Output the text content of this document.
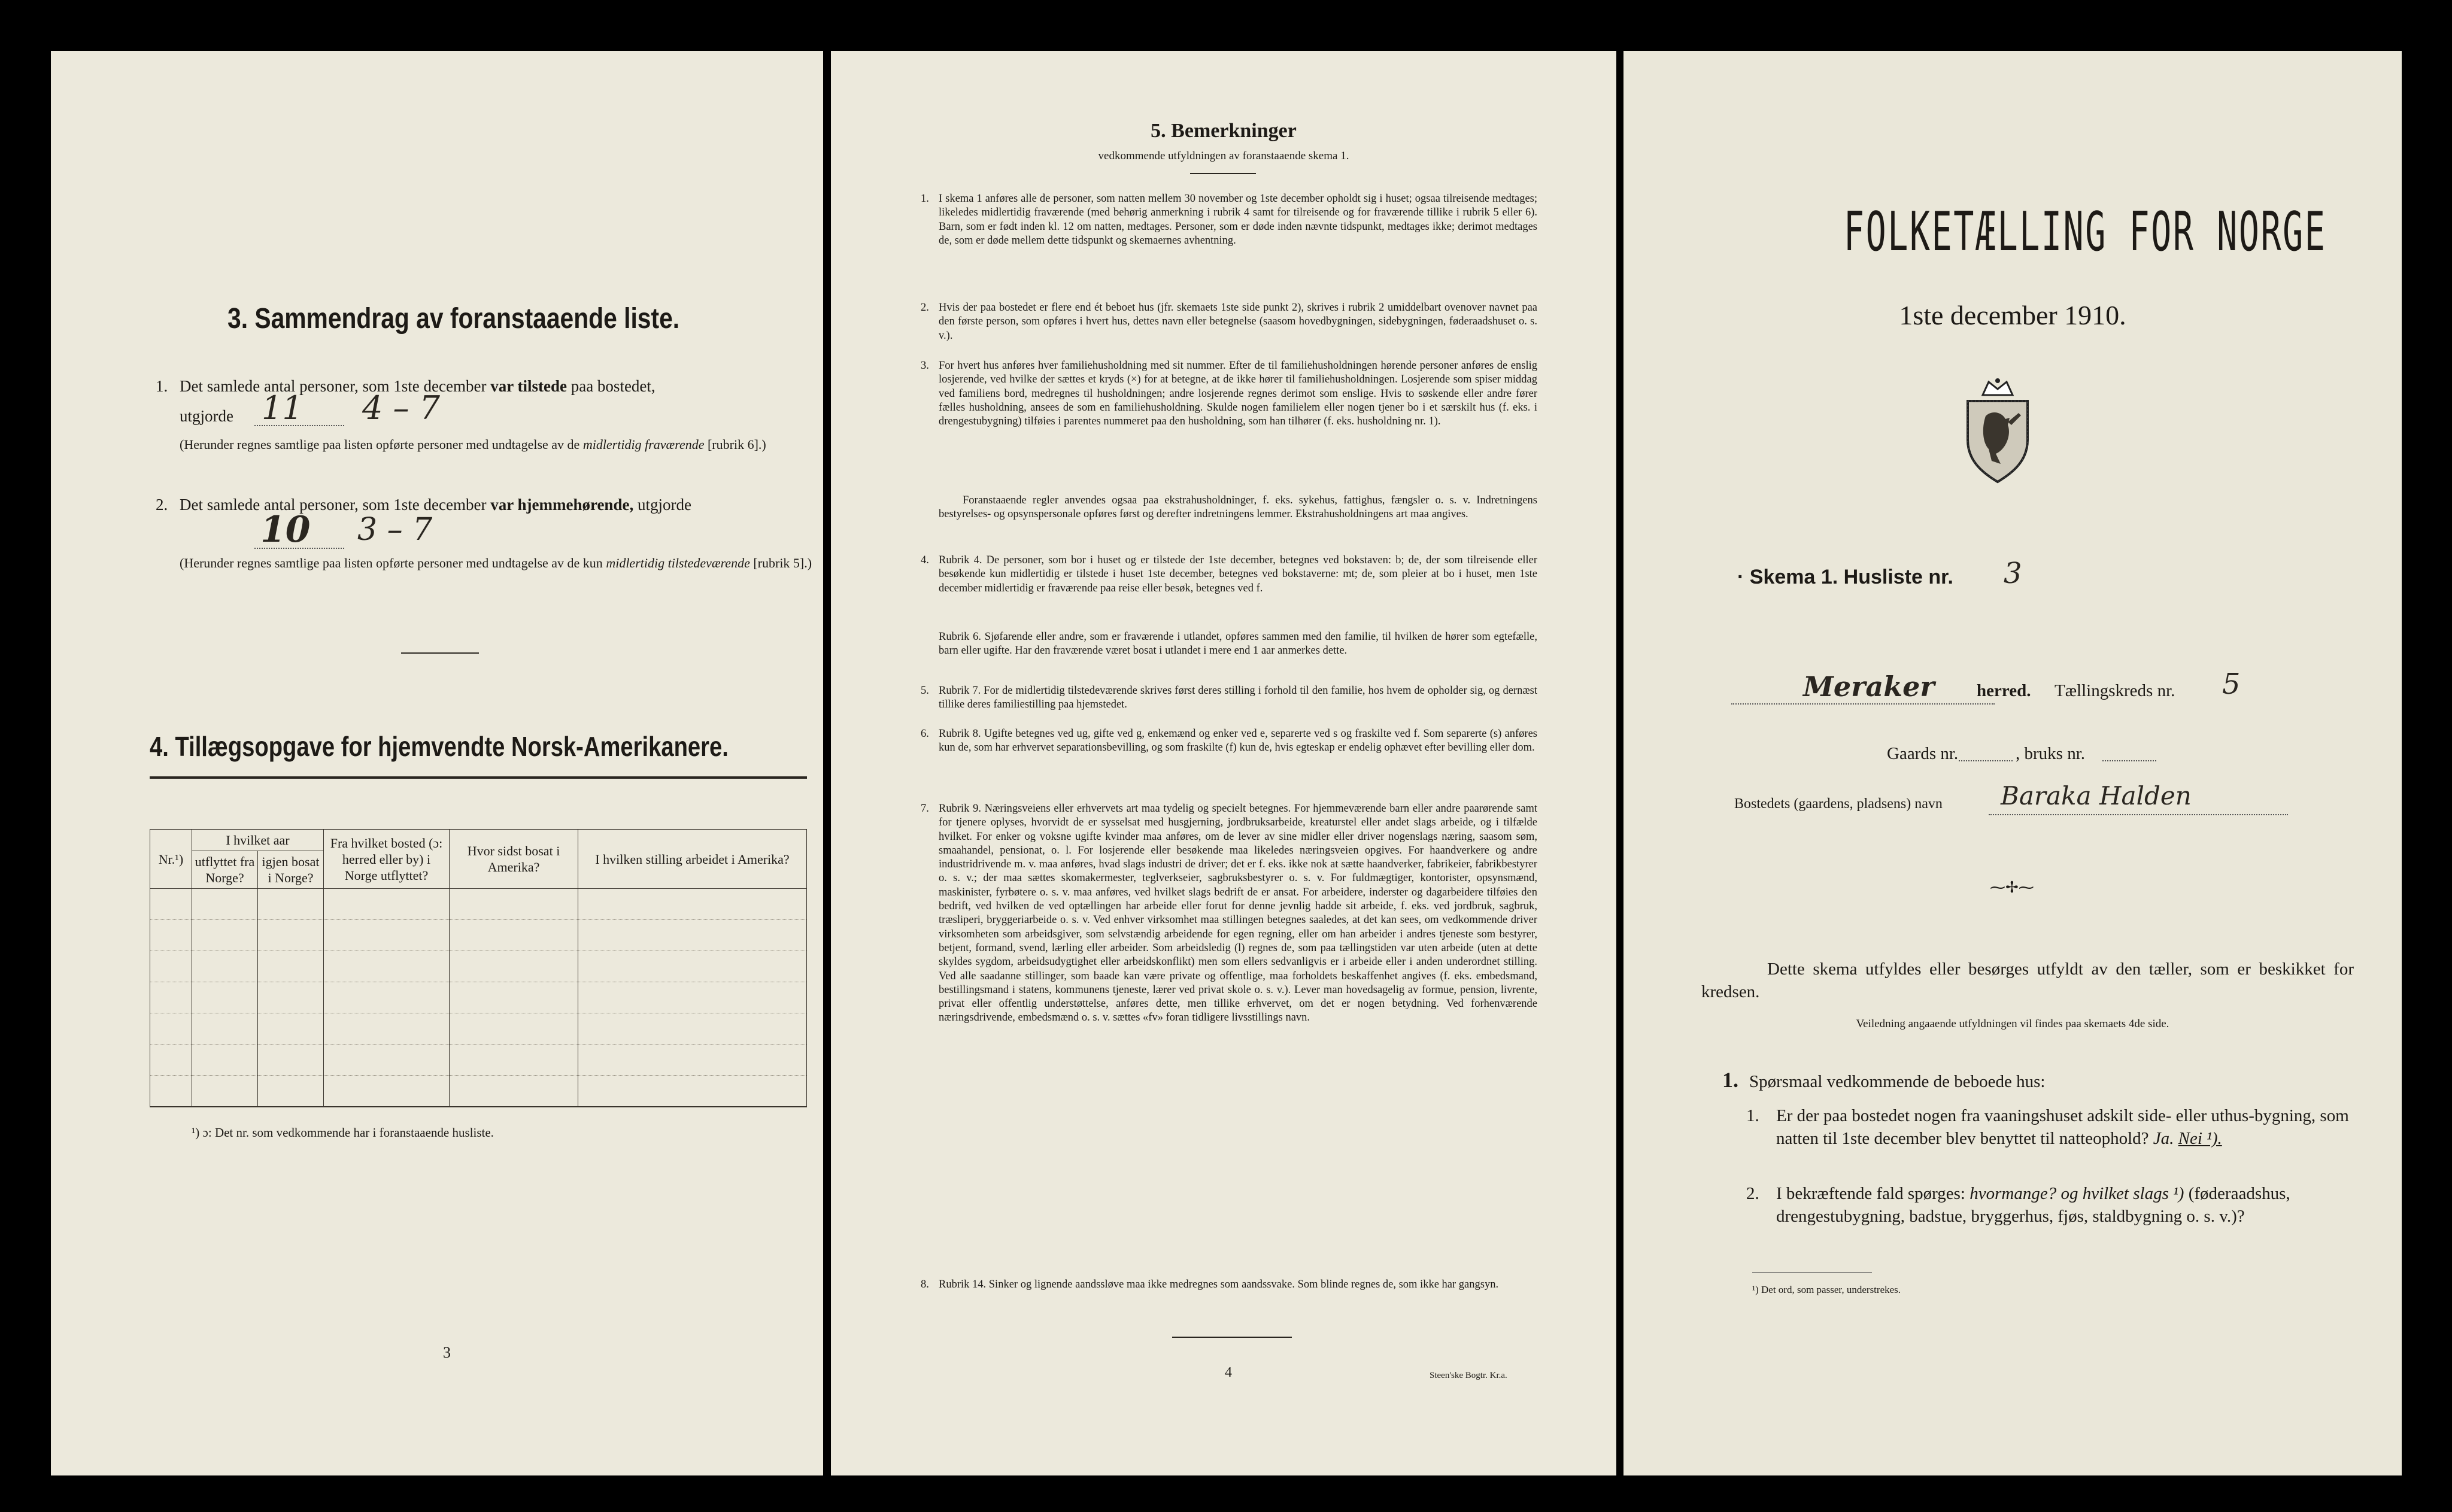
3. Sammendrag av foranstaaende liste.
1. Det samlede antal personer, som 1ste december var tilstede paa bostedet,
utgjorde 11 4 – 7
(Herunder regnes samtlige paa listen opførte personer med undtagelse av de midlertidig fraværende [rubrik 6].)
2. Det samlede antal personer, som 1ste december var hjemmehørende, utgjorde
10 3 – 7
(Herunder regnes samtlige paa listen opførte personer med undtagelse av de kun midlertidig tilstedeværende [rubrik 5].)
4. Tillægsopgave for hjemvendte Norsk-Amerikanere.
Nr.¹)	I hvilket aar		Fra hvilket bosted (ɔ: herred eller by) i Norge utflyttet?	Hvor sidst bosat i Amerika?	I hvilken stilling arbeidet i Amerika?
	utflyttet fra Norge?	igjen bosat i Norge?			

¹) ɔ: Det nr. som vedkommende har i foranstaaende husliste.
3
5. Bemerkninger
vedkommende utfyldningen av foranstaaende skema 1.
1. I skema 1 anføres alle de personer, som natten mellem 30 november og 1ste december opholdt sig i huset; ogsaa tilreisende medtages; likeledes midlertidig fraværende (med behørig anmerkning i rubrik 4 samt for tilreisende og for fraværende tillike i rubrik 5 eller 6). Barn, som er født inden kl. 12 om natten, medtages. Personer, som er døde inden nævnte tidspunkt, medtages ikke; derimot medtages de, som er døde mellem dette tidspunkt og skemaernes avhentning.
2. Hvis der paa bostedet er flere end ét beboet hus (jfr. skemaets 1ste side punkt 2), skrives i rubrik 2 umiddelbart ovenover navnet paa den første person, som opføres i hvert hus, dettes navn eller betegnelse (saasom hovedbygningen, sidebygningen, føderaadshuset o. s. v.).
3. For hvert hus anføres hver familiehusholdning med sit nummer. Efter de til familiehusholdningen hørende personer anføres de enslig losjerende, ved hvilke der sættes et kryds (×) for at betegne, at de ikke hører til familiehusholdningen. Losjerende som spiser middag ved familiens bord, medregnes til husholdningen; andre losjerende regnes derimot som enslige. Hvis to søskende eller andre fører fælles husholdning, ansees de som en familiehusholdning. Skulde nogen familielem eller nogen tjener bo i et særskilt hus (f. eks. i drengestubygning) tilføies i parentes nummeret paa den husholdning, som han tilhører (f. eks. husholdning nr. 1).
Foranstaaende regler anvendes ogsaa paa ekstrahusholdninger, f. eks. sykehus, fattighus, fængsler o. s. v. Indretningens bestyrelses- og opsynspersonale opføres først og derefter indretningens lemmer. Ekstrahusholdningens art maa angives.
4. Rubrik 4. De personer, som bor i huset og er tilstede der 1ste december, betegnes ved bokstaven: b; de, der som tilreisende eller besøkende kun midlertidig er tilstede i huset 1ste december, betegnes ved bokstaverne: mt; de, som pleier at bo i huset, men 1ste december midlertidig er fraværende paa reise eller besøk, betegnes ved f.
Rubrik 6. Sjøfarende eller andre, som er fraværende i utlandet, opføres sammen med den familie, til hvilken de hører som egtefælle, barn eller ugifte. Har den fraværende været bosat i utlandet i mere end 1 aar anmerkes dette.
5. Rubrik 7. For de midlertidig tilstedeværende skrives først deres stilling i forhold til den familie, hos hvem de opholder sig, og dernæst tillike deres familiestilling paa hjemstedet.
6. Rubrik 8. Ugifte betegnes ved ug, gifte ved g, enkemænd og enker ved e, separerte ved s og fraskilte ved f. Som separerte (s) anføres kun de, som har erhvervet separationsbevilling, og som fraskilte (f) kun de, hvis egteskap er endelig ophævet efter bevilling eller dom.
7. Rubrik 9. Næringsveiens eller erhvervets art maa tydelig og specielt betegnes. For hjemmeværende barn eller andre paarørende samt for tjenere oplyses, hvorvidt de er sysselsat med husgjerning, jordbruksarbeide, kreaturstel eller andet slags arbeide, og i tilfælde hvilket. For enker og voksne ugifte kvinder maa anføres, om de lever av sine midler eller driver nogenslags næring, saasom søm, smaahandel, pensionat, o. l. For losjerende eller besøkende maa likeledes næringsveien opgives. For haandverkere og andre industridrivende m. v. maa anføres, hvad slags industri de driver; det er f. eks. ikke nok at sætte haandverker, fabrikeier, fabrikbestyrer o. s. v.; der maa sættes skomakermester, teglverkseier, sagbruksbestyrer o. s. v. For fuldmægtiger, kontorister, opsynsmænd, maskinister, fyrbøtere o. s. v. maa anføres, ved hvilket slags bedrift de er ansat. For arbeidere, inderster og dagarbeidere tilføies den bedrift, ved hvilken de ved optællingen har arbeide eller forut for denne jevnlig hadde sit arbeide, f. eks. ved jordbruk, sagbruk, træsliperi, bryggeriarbeide o. s. v. Ved enhver virksomhet maa stillingen betegnes saaledes, at det kan sees, om vedkommende driver virksomheten som arbeidsgiver, som selvstændig arbeidende for egen regning, eller om han arbeider i andres tjeneste som bestyrer, betjent, formand, svend, lærling eller arbeider. Som arbeidsledig (l) regnes de, som paa tællingstiden var uten arbeide (uten at dette skyldes sygdom, arbeidsudygtighet eller arbeidskonflikt) men som ellers sedvanligvis er i arbeide eller i anden underordnet stilling. Ved alle saadanne stillinger, som baade kan være private og offentlige, maa forholdets beskaffenhet angives (f. eks. embedsmand, bestillingsmand i statens, kommunens tjeneste, lærer ved privat skole o. s. v.). Lever man hovedsagelig av formue, pension, livrente, privat eller offentlig understøttelse, anføres dette, men tillike erhvervet, om det er nogen betydning. Ved forhenværende næringsdrivende, embedsmænd o. s. v. sættes «fv» foran tidligere livsstillings navn.
8. Rubrik 14. Sinker og lignende aandssløve maa ikke medregnes som aandssvake. Som blinde regnes de, som ikke har gangsyn.
4	Steen'ske Bogtr. Kr.a.
FOLKETÆLLING FOR NORGE
1ste december 1910.
· Skema 1. Husliste nr. 3
Meraker herred. Tællingskreds nr. 5
Gaards nr.	, bruks nr.
Bostedets (gaardens, pladsens) navn Baraka Halden
⁓✢⁓
Dette skema utfyldes eller besørges utfyldt av den tæller, som er beskikket for kredsen.
Veiledning angaaende utfyldningen vil findes paa skemaets 4de side.
1. Spørsmaal vedkommende de beboede hus:
1. Er der paa bostedet nogen fra vaaningshuset adskilt side- eller uthus-bygning, som natten til 1ste december blev benyttet til natteophold? Ja. Nei ¹).
2. I bekræftende fald spørges: hvormange? og hvilket slags ¹) (føderaadshus, drengestubygning, badstue, bryggerhus, fjøs, staldbygning o. s. v.)?
¹) Det ord, som passer, understrekes.
